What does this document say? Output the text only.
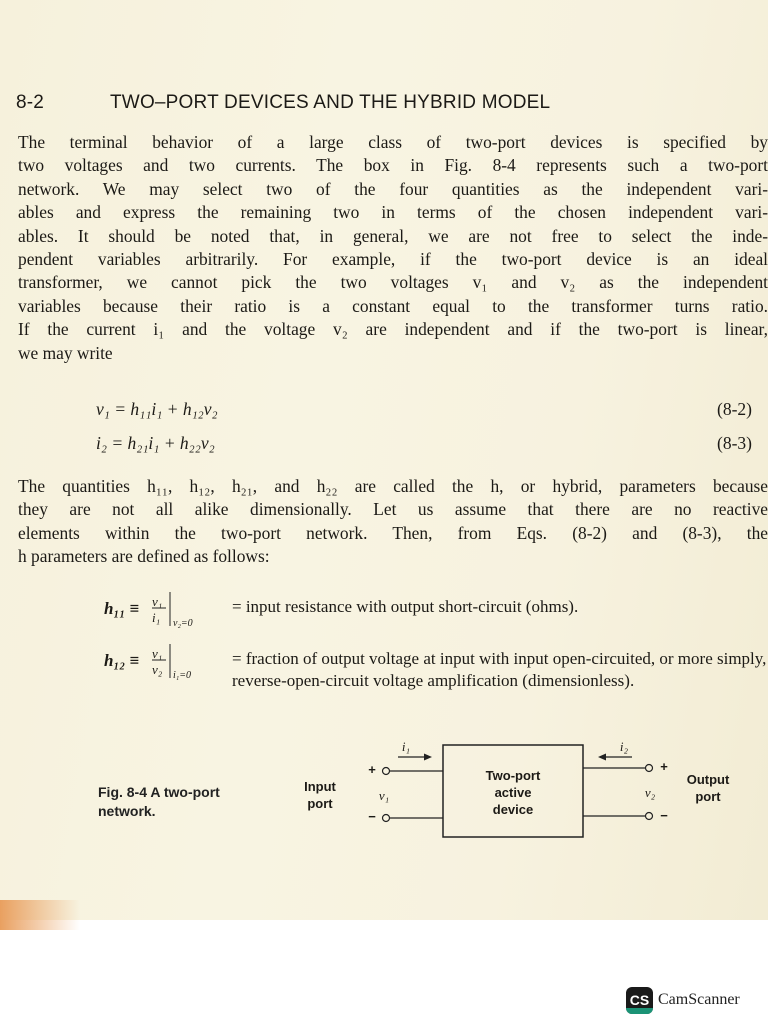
8-2	TWO–PORT DEVICES AND THE HYBRID MODEL
The terminal behavior of a large class of two-port devices is specified by
two voltages and two currents. The box in Fig. 8-4 represents such a two-port
network. We may select two of the four quantities as the independent vari-
ables and express the remaining two in terms of the chosen independent vari-
ables. It should be noted that, in general, we are not free to select the inde-
pendent variables arbitrarily. For example, if the two-port device is an ideal
transformer, we cannot pick the two voltages v₁ and v₂ as the independent
variables because their ratio is a constant equal to the transformer turns ratio.
If the current i₁ and the voltage v₂ are independent and if the two-port is linear,
we may write
v₁ = h₁₁i₁ + h₁₂v₂	(8-2)
i₂ = h₂₁i₁ + h₂₂v₂	(8-3)
The quantities h₁₁, h₁₂, h₂₁, and h₂₂ are called the h, or hybrid, parameters because
they are not all alike dimensionally. Let us assume that there are no reactive
elements within the two-port network. Then, from Eqs. (8-2) and (8-3), the
h parameters are defined as follows:
h₁₁ ≡ v₁
i₁ v₂=0
= input resistance with output short-circuit (ohms).
h₁₂ ≡ v₁
v₂ i₁=0
= fraction of output voltage at input with input open-circuited, or more simply, reverse-open-circuit voltage amplification (dimensionless).
Fig. 8-4 A two-port
network.
+
−
+
−
i₁	i₂
v₁	v₂
Two-port
active
device
Input
port
Output
port
CS CamScanner
